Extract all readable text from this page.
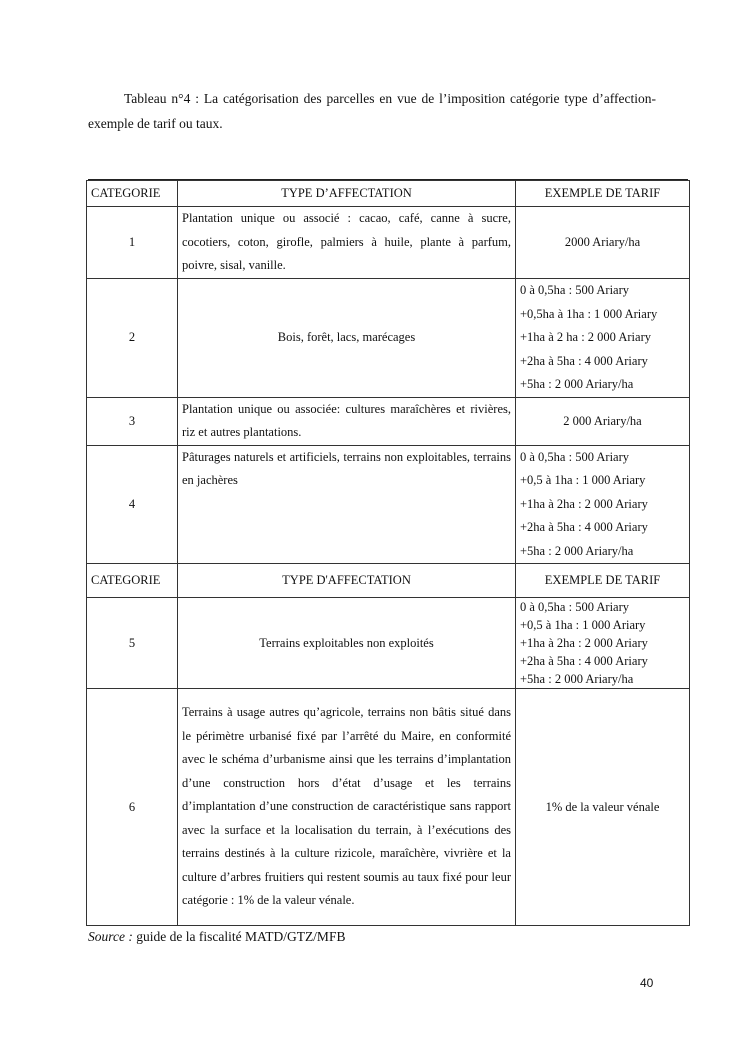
Tableau n°4 : La catégorisation des parcelles en vue de l’imposition catégorie type d’affection-exemple de tarif ou taux.
CATEGORIE	TYPE D’AFFECTATION	EXEMPLE DE TARIF
1	Plantation unique ou associé : cacao, café, canne à sucre, cocotiers, coton, girofle, palmiers à huile, plante à parfum, poivre, sisal, vanille.	2000 Ariary/ha
2	Bois, forêt, lacs, marécages	0 à 0,5ha : 500 Ariary
+0,5ha à 1ha : 1 000 Ariary
+1ha à 2 ha : 2 000 Ariary
+2ha à 5ha : 4 000 Ariary
+5ha : 2 000 Ariary/ha

3	Plantation unique ou associée: cultures maraîchères et rivières, riz et autres plantations.	2 000 Ariary/ha
4	Pâturages naturels et artificiels, terrains non exploitables, terrains en jachères	0 à 0,5ha : 500 Ariary
+0,5 à 1ha : 1 000 Ariary
+1ha à 2ha : 2 000 Ariary
+2ha à 5ha : 4 000 Ariary
+5ha : 2 000 Ariary/ha

CATEGORIE	TYPE D'AFFECTATION	EXEMPLE DE TARIF
5	Terrains exploitables non exploités	0 à 0,5ha : 500 Ariary
+0,5 à 1ha : 1 000 Ariary
+1ha à 2ha : 2 000 Ariary
+2ha à 5ha : 4 000 Ariary
+5ha : 2 000 Ariary/ha

6	Terrains à usage autres qu’agricole, terrains non bâtis situé dans le périmètre urbanisé fixé par l’arrêté du Maire, en conformité avec le schéma d’urbanisme ainsi que les terrains d’implantation d’une construction hors d’état d’usage et les terrains d’implantation d’une construction de caractéristique sans rapport avec la surface et la localisation du terrain, à l’exécutions des terrains destinés à la culture rizicole, maraîchère, vivrière et la culture d’arbres fruitiers qui restent soumis au taux fixé pour leur catégorie : 1% de la valeur vénale.	1% de la valeur vénale
Source : guide de la fiscalité MATD/GTZ/MFB
40
